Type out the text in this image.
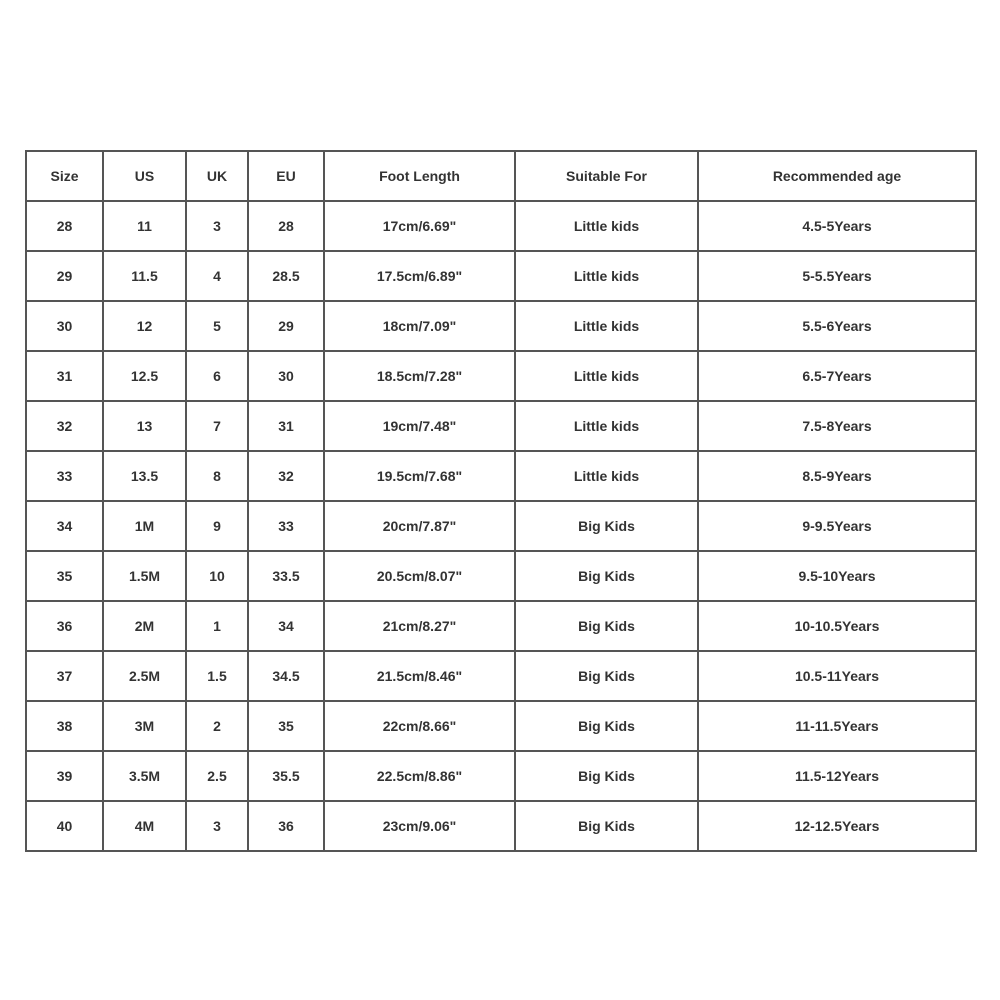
Size	US	UK	EU	Foot Length	Suitable For	Recommended age
28	11	3	28	17cm/6.69"	Little kids	4.5-5Years
29	11.5	4	28.5	17.5cm/6.89"	Little kids	5-5.5Years
30	12	5	29	18cm/7.09"	Little kids	5.5-6Years
31	12.5	6	30	18.5cm/7.28"	Little kids	6.5-7Years
32	13	7	31	19cm/7.48"	Little kids	7.5-8Years
33	13.5	8	32	19.5cm/7.68"	Little kids	8.5-9Years
34	1M	9	33	20cm/7.87"	Big Kids	9-9.5Years
35	1.5M	10	33.5	20.5cm/8.07"	Big Kids	9.5-10Years
36	2M	1	34	21cm/8.27"	Big Kids	10-10.5Years
37	2.5M	1.5	34.5	21.5cm/8.46"	Big Kids	10.5-11Years
38	3M	2	35	22cm/8.66"	Big Kids	11-11.5Years
39	3.5M	2.5	35.5	22.5cm/8.86"	Big Kids	11.5-12Years
40	4M	3	36	23cm/9.06"	Big Kids	12-12.5Years
